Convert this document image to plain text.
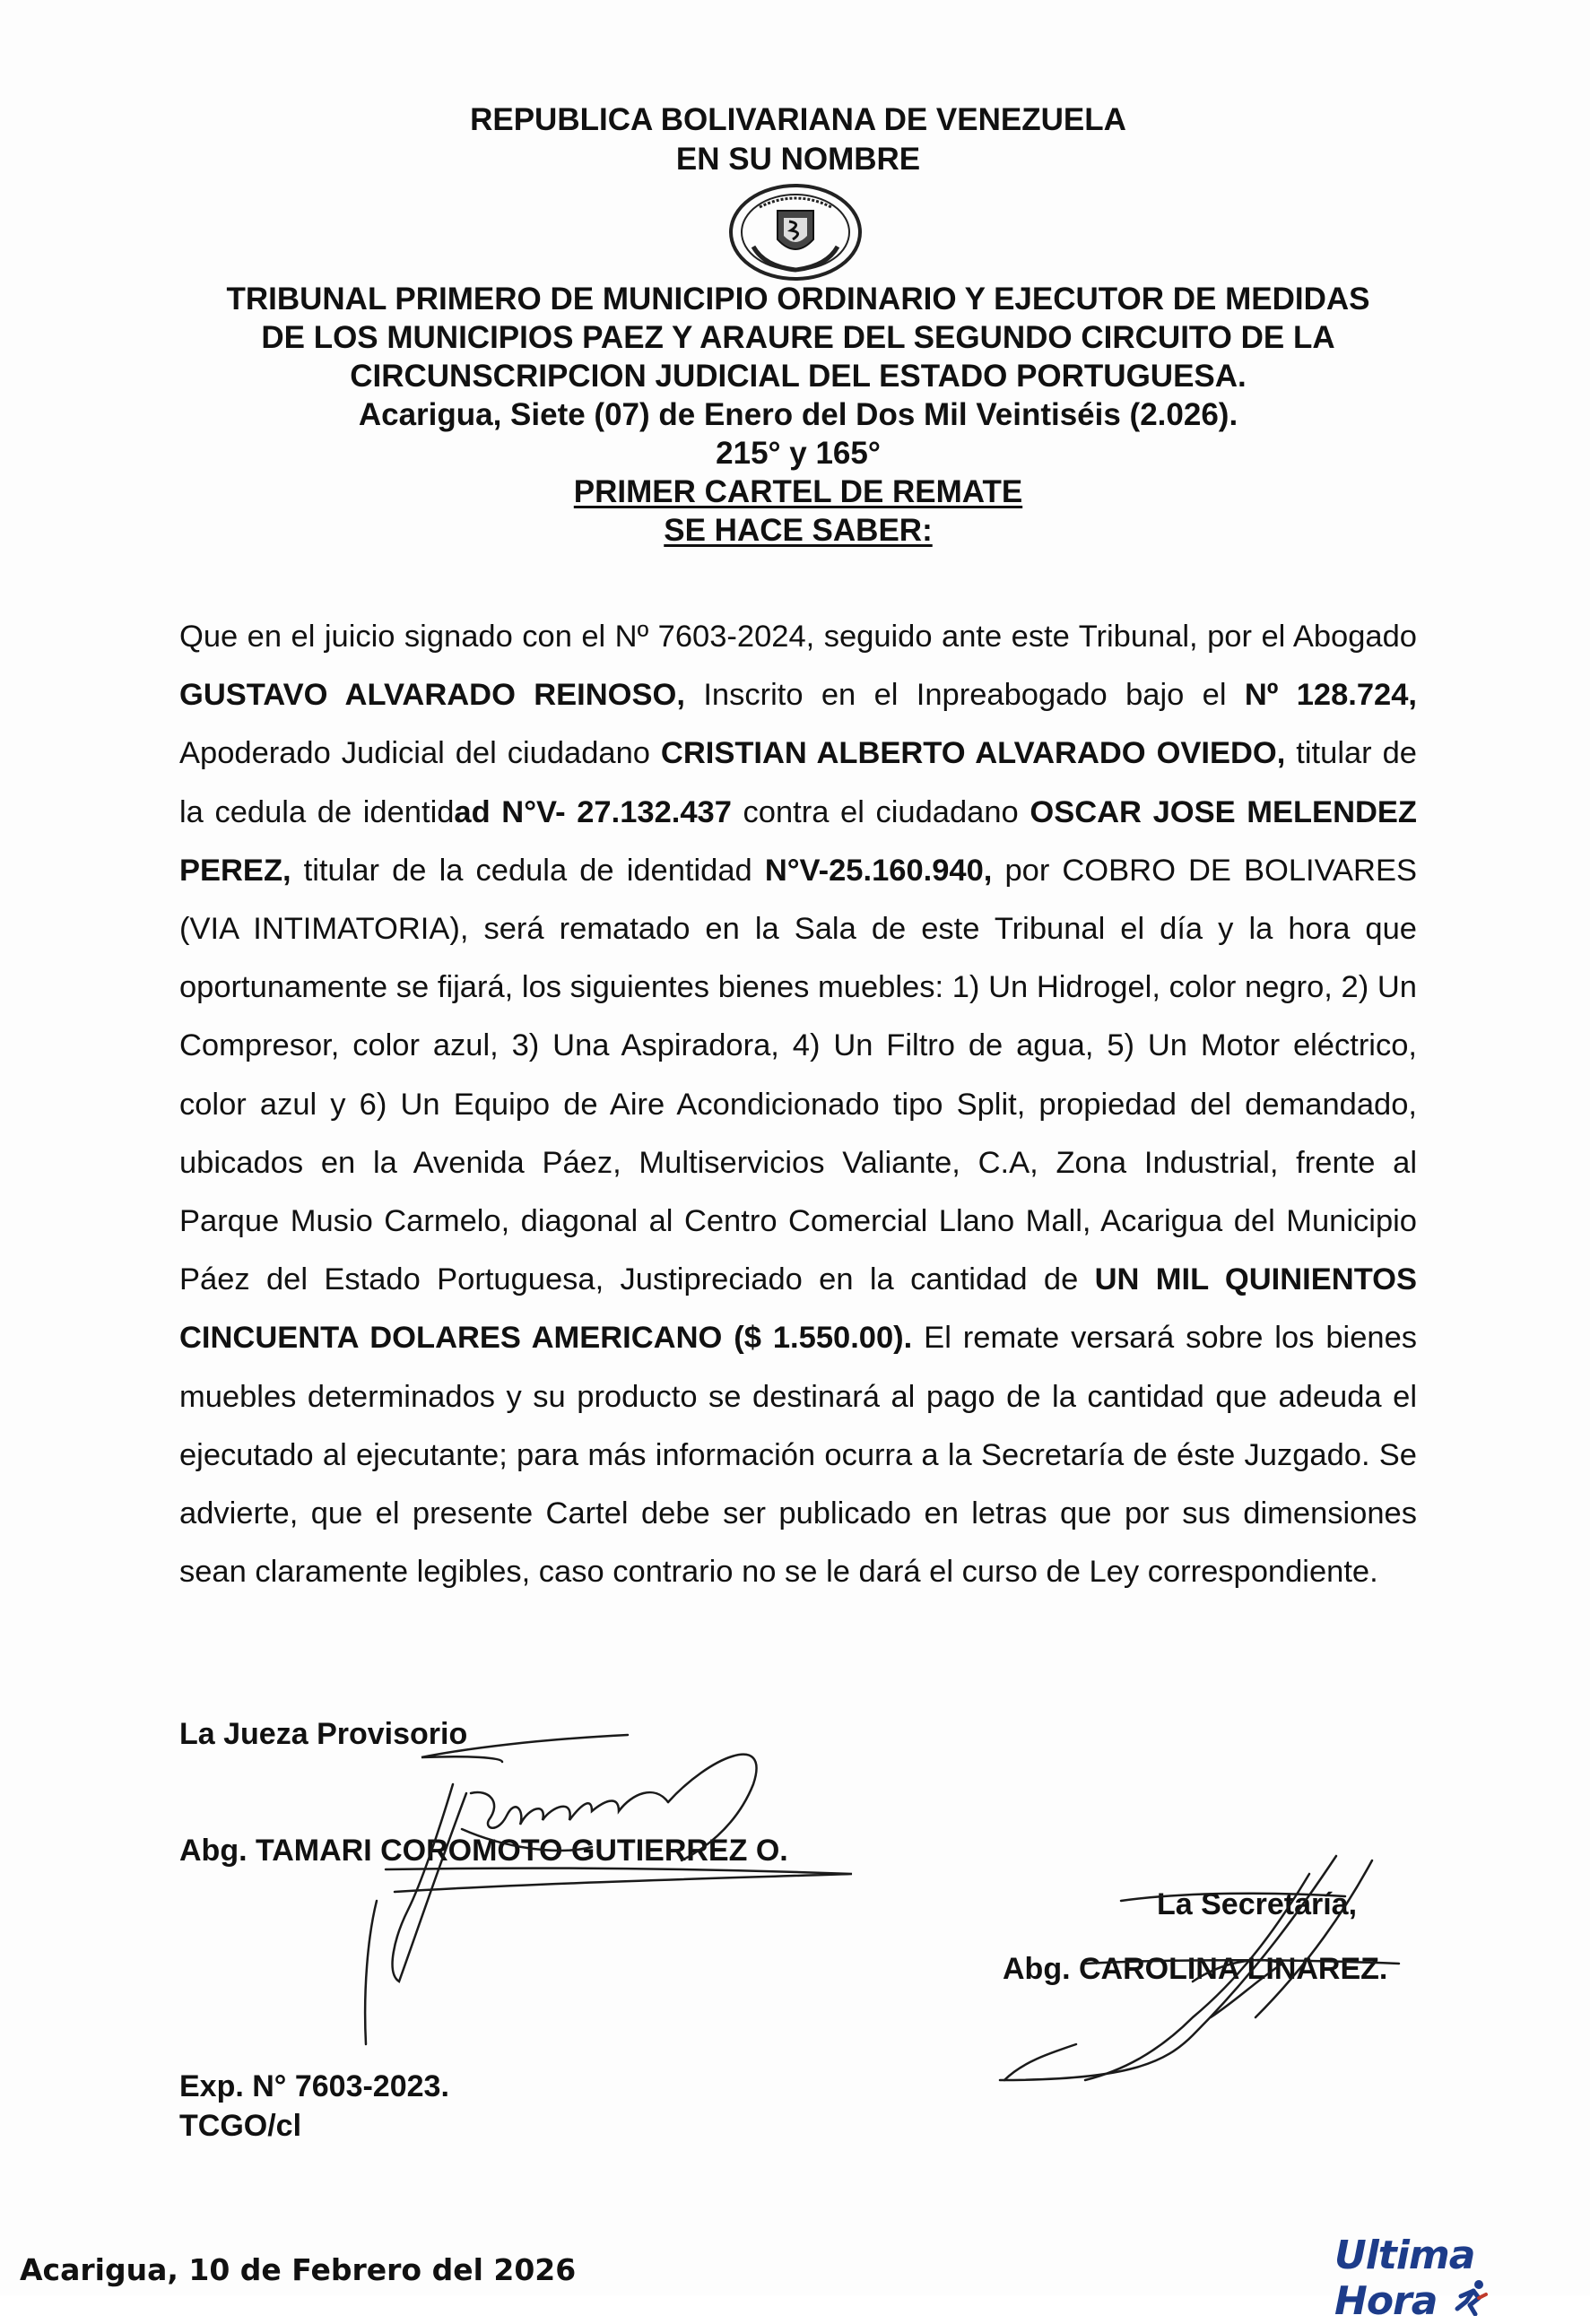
REPUBLICA BOLIVARIANA DE VENEZUELA
EN SU NOMBRE
TRIBUNAL PRIMERO DE MUNICIPIO ORDINARIO Y EJECUTOR DE MEDIDAS
DE LOS MUNICIPIOS PAEZ Y ARAURE DEL SEGUNDO CIRCUITO DE LA
CIRCUNSCRIPCION JUDICIAL DEL ESTADO PORTUGUESA.
Acarigua, Siete (07) de Enero del Dos Mil Veintiséis (2.026).
215° y 165°
PRIMER CARTEL DE REMATE
SE HACE SABER:
Que en el juicio signado con el Nº 7603-2024, seguido ante este Tribunal, por el Abogado GUSTAVO ALVARADO REINOSO, Inscrito en el Inpreabogado bajo el Nº 128.724, Apoderado Judicial del ciudadano CRISTIAN ALBERTO ALVARADO OVIEDO, titular de la cedula de identidad N°V- 27.132.437 contra el ciudadano OSCAR JOSE MELENDEZ PEREZ, titular de la cedula de identidad N°V-25.160.940, por COBRO DE BOLIVARES (VIA INTIMATORIA), será rematado en la Sala de este Tribunal el día y la hora que oportunamente se fijará, los siguientes bienes muebles: 1) Un Hidrogel, color negro, 2) Un Compresor, color azul, 3) Una Aspiradora, 4) Un Filtro de agua, 5) Un Motor eléctrico, color azul y 6) Un Equipo de Aire Acondicionado tipo Split, propiedad del demandado, ubicados en la Avenida Páez, Multiservicios Valiante, C.A, Zona Industrial, frente al Parque Musio Carmelo, diagonal al Centro Comercial Llano Mall, Acarigua del Municipio Páez del Estado Portuguesa, Justipreciado en la cantidad de UN MIL QUINIENTOS CINCUENTA DOLARES AMERICANO ($ 1.550.00). El remate versará sobre los bienes muebles determinados y su producto se destinará al pago de la cantidad que adeuda el ejecutado al ejecutante; para más información ocurra a la Secretaría de éste Juzgado. Se advierte, que el presente Cartel debe ser publicado en letras que por sus dimensiones sean claramente legibles, caso contrario no se le dará el curso de Ley correspondiente.
La Jueza Provisorio
Abg. TAMARI COROMOTO GUTIERREZ O.
La Secretaría,
Abg. CAROLINA LINAREZ.
Exp. N° 7603-2023.
TCGO/cl
Acarigua, 10 de Febrero del 2026	Ultima Hora
